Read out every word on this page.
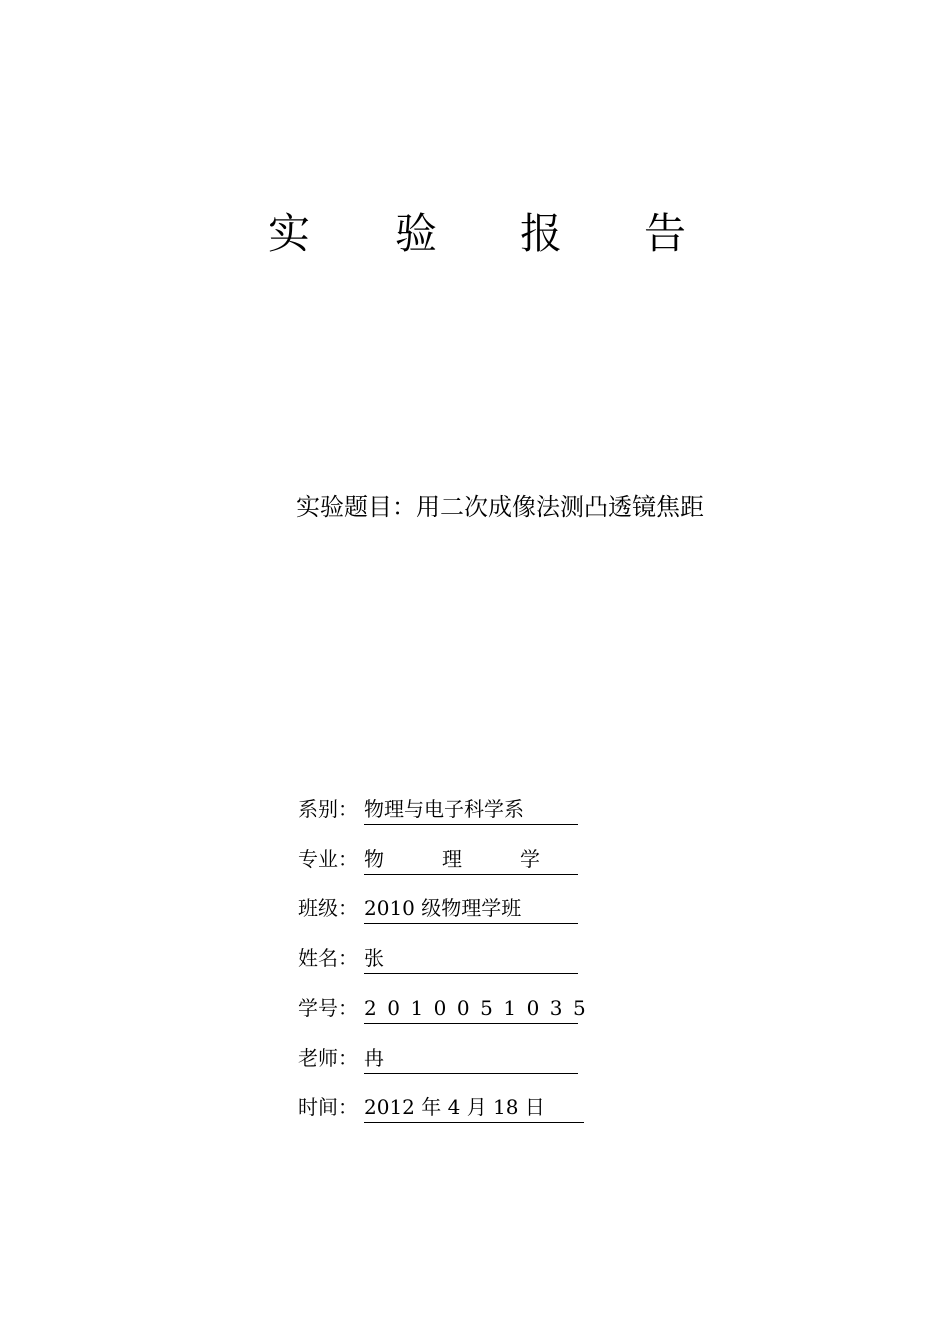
实 验 报 告
实验题目：用二次成像法测凸透镜焦距
系别： 物理与电子科学系
专业： 物理学
班级： 2010 级物理学班
姓名： 张
学号： 2010051035
老师： 冉
时间： 2012 年 4 月 18 日
